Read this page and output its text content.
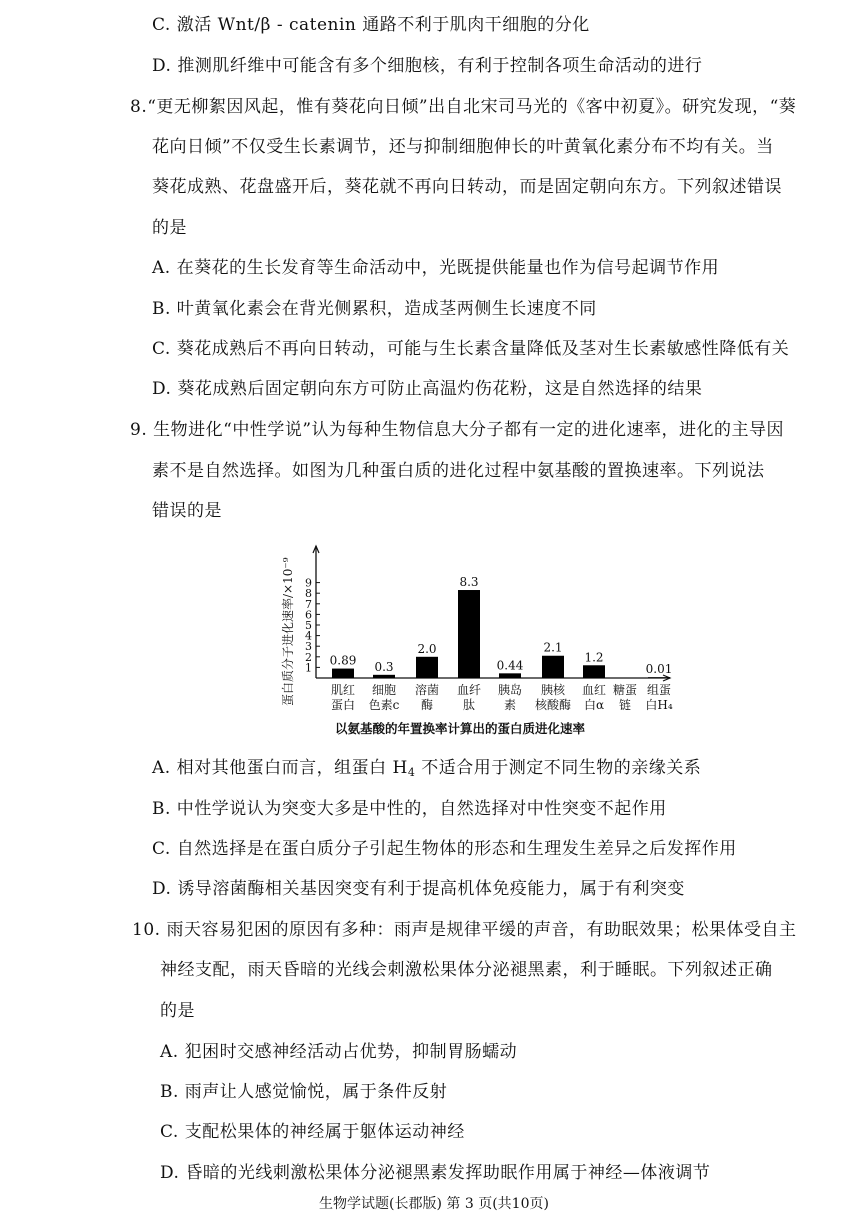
C. 激活 Wnt/β - catenin 通路不利于肌肉干细胞的分化
D. 推测肌纤维中可能含有多个细胞核，有利于控制各项生命活动的进行
8.“更无柳絮因风起，惟有葵花向日倾”出自北宋司马光的《客中初夏》。研究发现，“葵
花向日倾”不仅受生长素调节，还与抑制细胞伸长的叶黄氧化素分布不均有关。当
葵花成熟、花盘盛开后，葵花就不再向日转动，而是固定朝向东方。下列叙述错误
的是
A. 在葵花的生长发育等生命活动中，光既提供能量也作为信号起调节作用
B. 叶黄氧化素会在背光侧累积，造成茎两侧生长速度不同
C. 葵花成熟后不再向日转动，可能与生长素含量降低及茎对生长素敏感性降低有关
D. 葵花成熟后固定朝向东方可防止高温灼伤花粉，这是自然选择的结果
9. 生物进化“中性学说”认为每种生物信息大分子都有一定的进化速率，进化的主导因
素不是自然选择。如图为几种蛋白质的进化过程中氨基酸的置换速率。下列说法
错误的是
A. 相对其他蛋白而言，组蛋白 $H_4$ 不适合用于测定不同生物的亲缘关系
B. 中性学说认为突变大多是中性的，自然选择对中性突变不起作用
C. 自然选择是在蛋白质分子引起生物体的形态和生理发生差异之后发挥作用
D. 诱导溶菌酶相关基因突变有利于提高机体免疫能力，属于有利突变
10. 雨天容易犯困的原因有多种：雨声是规律平缓的声音，有助眠效果；松果体受自主
神经支配，雨天昏暗的光线会刺激松果体分泌褪黑素，利于睡眠。下列叙述正确
的是
A. 犯困时交感神经活动占优势，抑制胃肠蠕动
B. 雨声让人感觉愉悦，属于条件反射
C. 支配松果体的神经属于躯体运动神经
D. 昏暗的光线刺激松果体分泌褪黑素发挥助眠作用属于神经—体液调节
1
2
3
4
5
6
7
8
9
蛋白质分子进化速率/×10⁻⁹	肌红
蛋白
细胞
色素c
溶菌
酶
血纤
肽
胰岛
素
胰核
核酸酶
血红
白α
糖蛋
链
组蛋
白H₄
0.89 0.3
2.0
8.3
0.44
2.1
1.2
0.01
以氨基酸的年置换率计算出的蛋白质进化速率
生物学试题(长郡版) 第 3 页(共10页)
